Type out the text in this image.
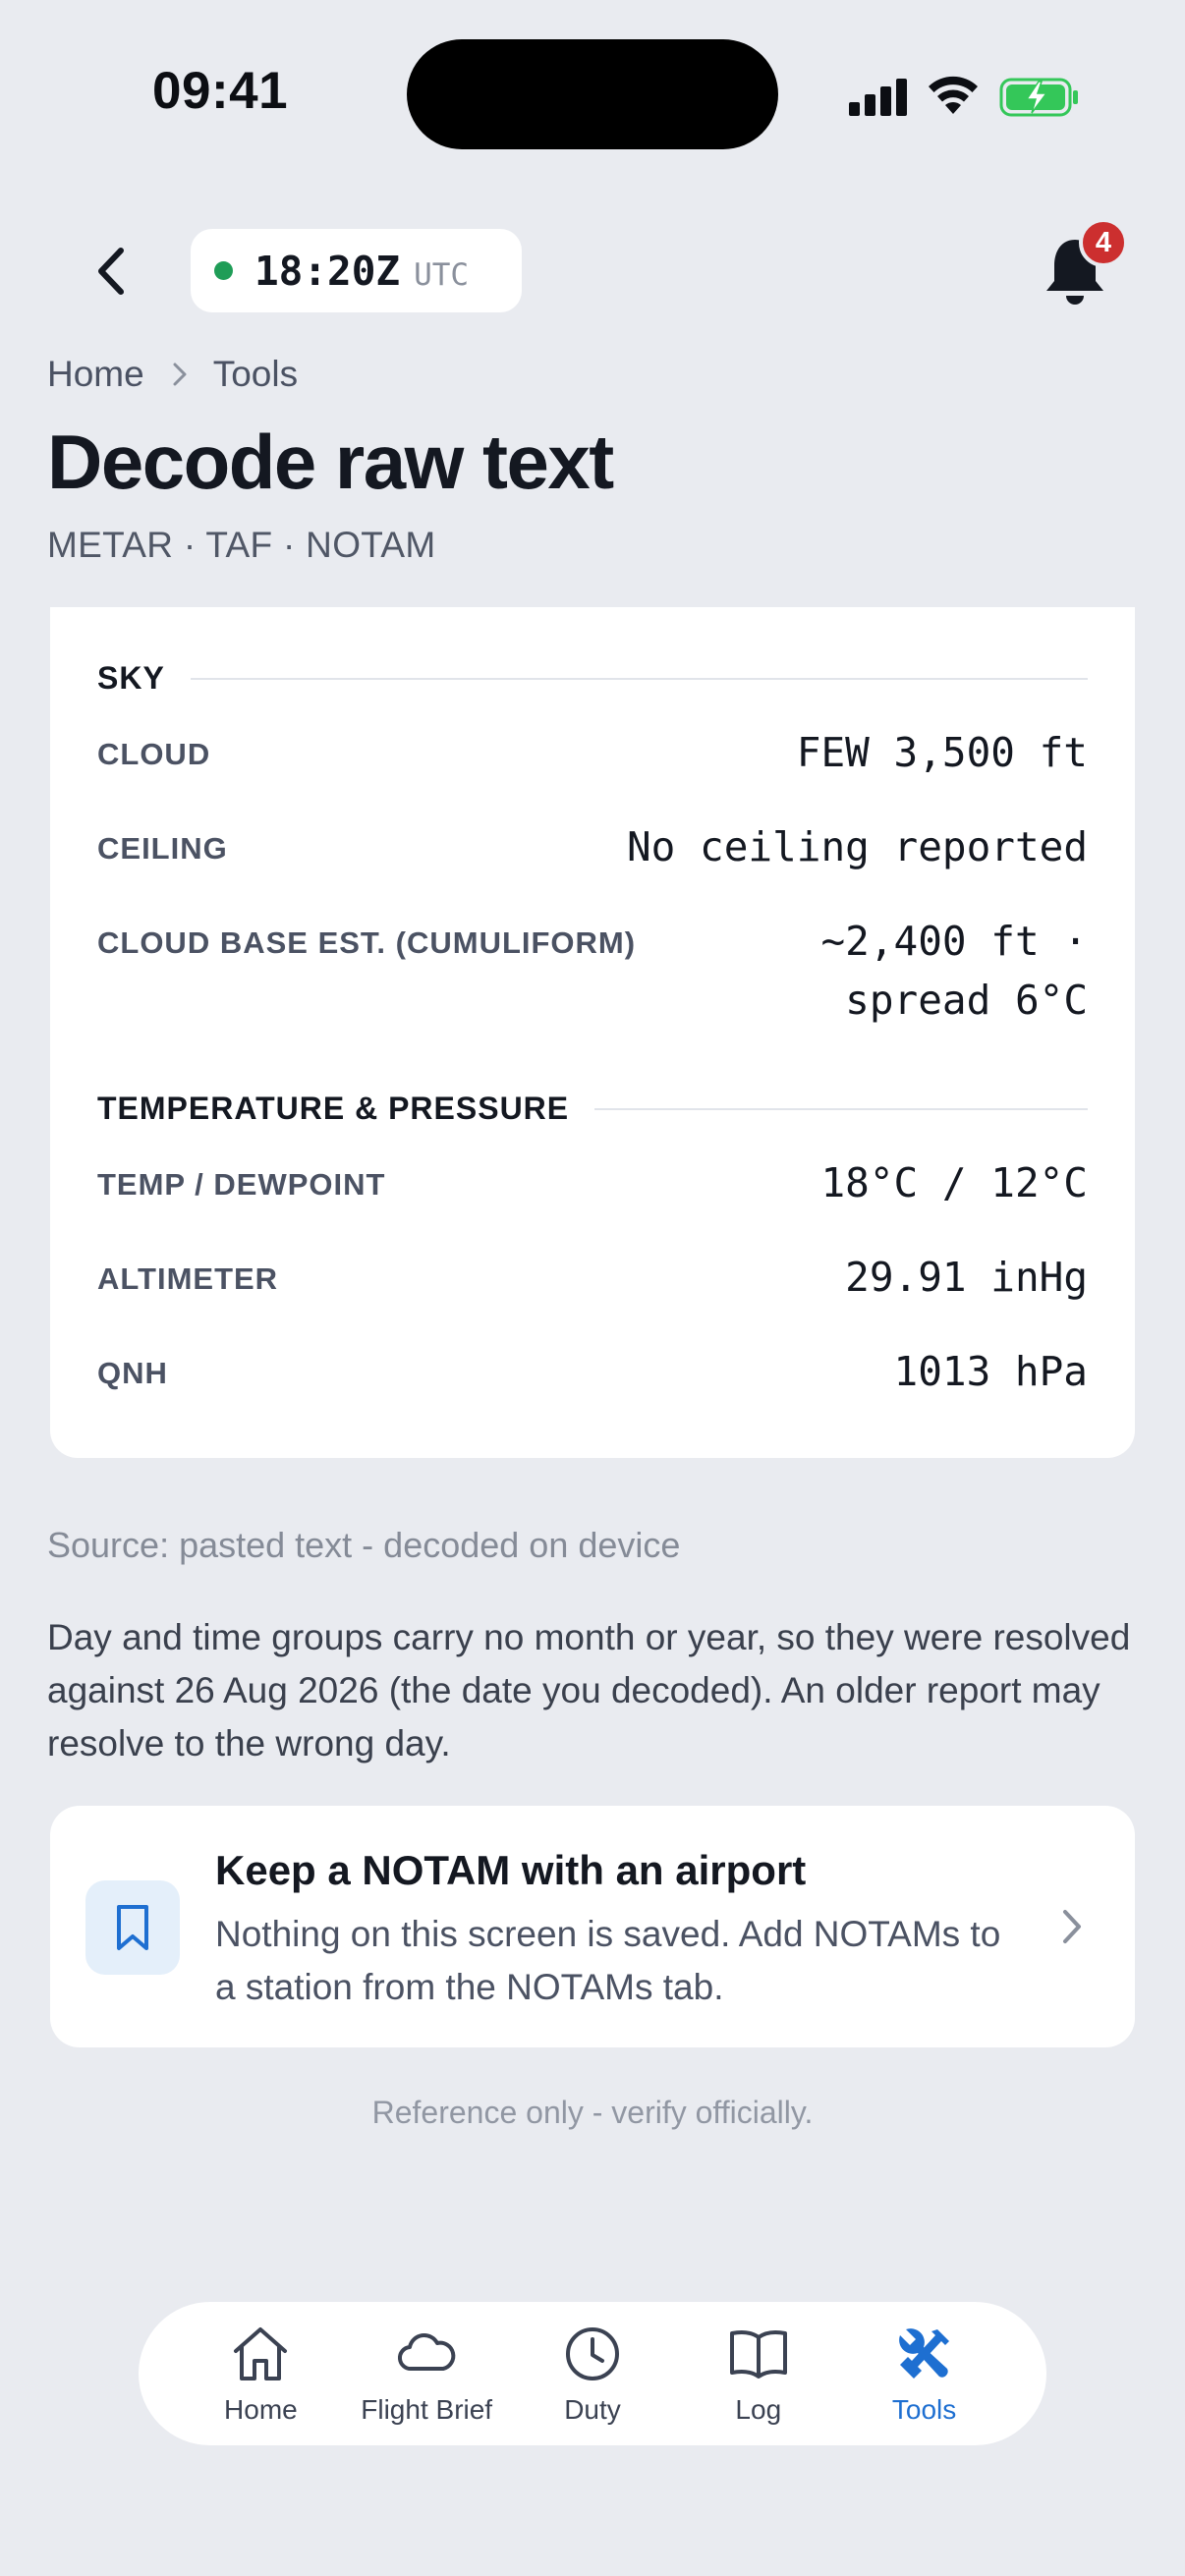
09:41
18:20Z UTC
4
Home Tools
Decode raw text
METAR · TAF · NOTAM
SKY
CLOUD	FEW 3,500 ft
CEILING	No ceiling reported
CLOUD BASE EST. (CUMULIFORM)	~2,400 ft ·
spread 6°C
TEMPERATURE & PRESSURE
TEMP / DEWPOINT	18°C / 12°C
ALTIMETER	29.91 inHg
QNH	1013 hPa
Source: pasted text - decoded on device
Day and time groups carry no month or year, so they were resolved against 26 Aug 2026 (the date you decoded). An older report may resolve to the wrong day.
Keep a NOTAM with an airport
Nothing on this screen is saved. Add NOTAMs to a station from the NOTAMs tab.
Reference only - verify officially.
Home Flight Brief	Duty	Log	Tools
